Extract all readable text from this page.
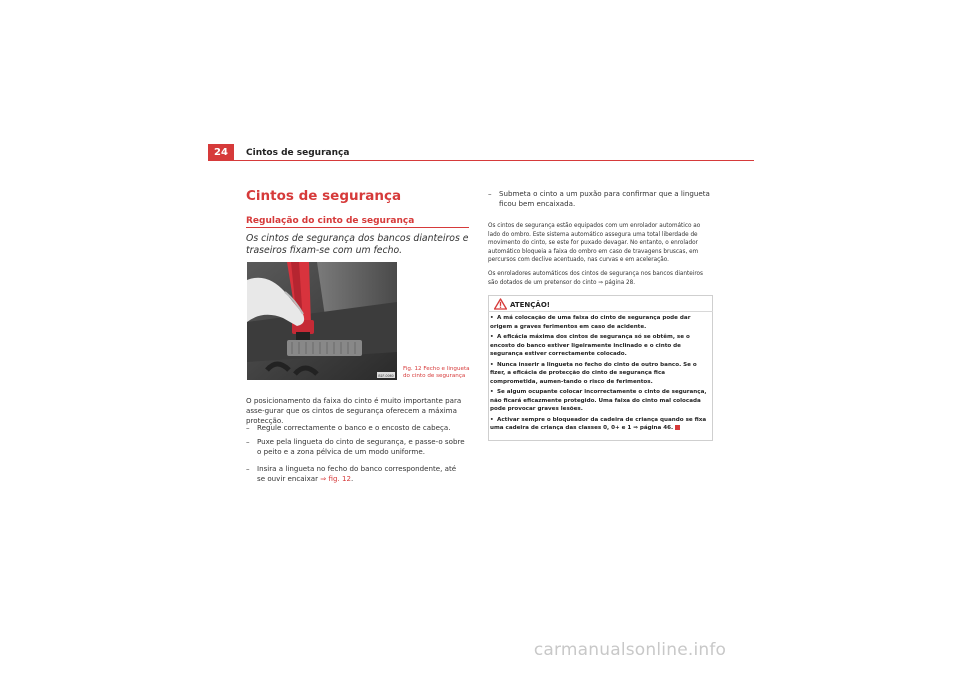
24	Cintos de segurança
Cintos de segurança
Regulação do cinto de segurança
Os cintos de segurança dos bancos dianteiros e traseiros fixam-se com um fecho.
B1F-0060
Fig. 12 Fecho e lingueta
do cinto de segurança
O posicionamento da faixa do cinto é muito importante para asse-gurar que os cintos de segurança oferecem a máxima protecção.
–	Regule correctamente o banco e o encosto de cabeça.
–	Puxe pela lingueta do cinto de segurança, e passe-o sobre o peito e a zona pélvica de um modo uniforme.
–	Insira a lingueta no fecho do banco correspondente, até se ouvir encaixar ⇒ fig. 12.
–	Submeta o cinto a um puxão para confirmar que a lingueta ficou bem encaixada.
Os cintos de segurança estão equipados com um enrolador automático ao lado do ombro. Este sistema automático assegura uma total liberdade de movimento do cinto, se este for puxado devagar. No entanto, o enrolador automático bloqueia a faixa do ombro em caso de travagens bruscas, em percursos com declive acentuado, nas curvas e em aceleração.
Os enroladores automáticos dos cintos de segurança nos bancos dianteiros são dotados de um pretensor do cinto ⇒ página 28.
ATENÇÃO!
• A má colocação de uma faixa do cinto de segurança pode dar origem a graves ferimentos em caso de acidente.
• A eficácia máxima dos cintos de segurança só se obtêm, se o encosto do banco estiver ligeiramente inclinado e o cinto de segurança estiver correctamente colocado.
• Nunca inserir a lingueta no fecho do cinto de outro banco. Se o fizer, a eficácia de protecção do cinto de segurança fica comprometida, aumen-tando o risco de ferimentos.
• Se algum ocupante colocar incorrectamente o cinto de segurança, não ficará eficazmente protegido. Uma faixa do cinto mal colocada pode provocar graves lesões.
• Activar sempre o bloqueador da cadeira de criança quando se fixa uma cadeira de criança das classes 0, 0+ e 1 ⇒ página 46.
carmanualsonline.info
